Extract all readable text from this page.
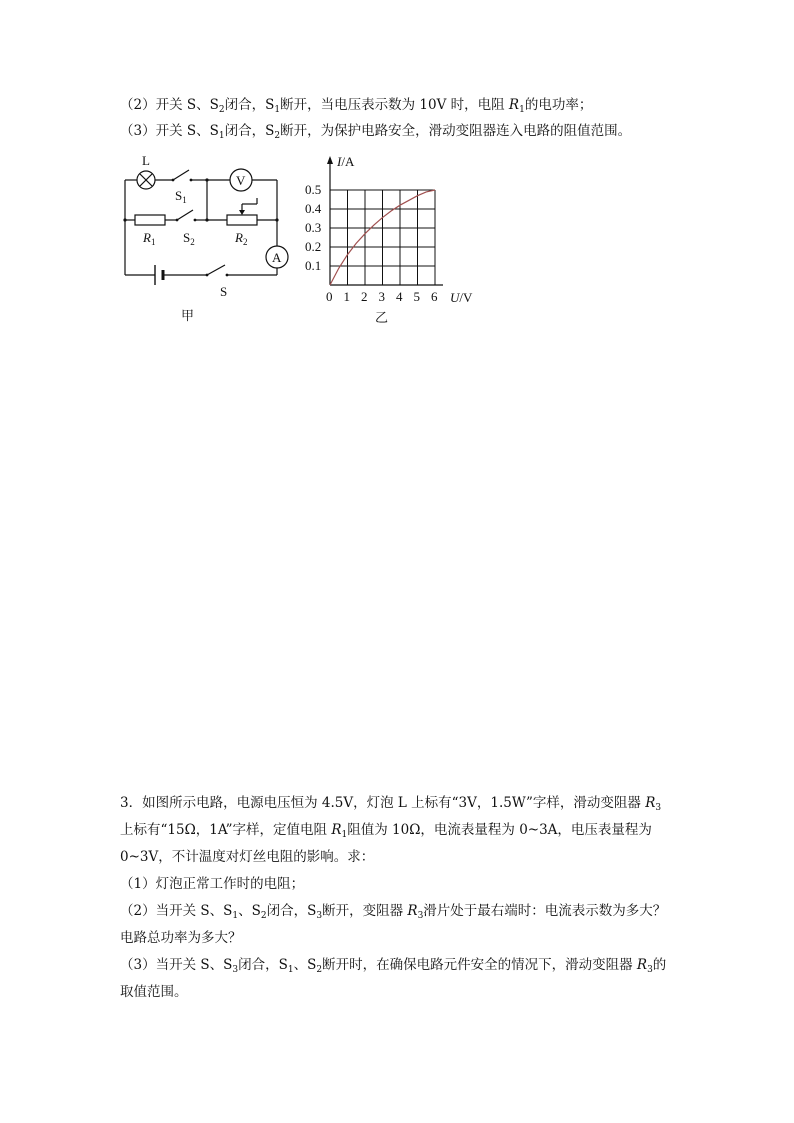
（2）开关 S、$S_2$闭合，$S_1$断开，当电压表示数为 10V 时，电阻 $R_1$的电功率；
（3）开关 S、$S_1$闭合，$S_2$断开，为保护电路安全，滑动变阻器连入电路的阻值范围。
L
$S_1$
$S_2$
$R_1$	$R_2$
V
A
S
甲
0 1 2 3 4 5 6
0.1
0.2
0.3
0.4
0.5
I/A
U/V
乙
3．如图所示电路，电源电压恒为 4.5V，灯泡 L 上标有“3V，1.5W”字样，滑动变阻器 $R_3$
上标有“15Ω，1A”字样，定值电阻 $R_1$阻值为 10Ω，电流表量程为 0~3A，电压表量程为
0~3V，不计温度对灯丝电阻的影响。求：
（1）灯泡正常工作时的电阻；
（2）当开关 S、$S_1$、$S_2$闭合，$S_3$断开，变阻器 $R_3$滑片处于最右端时：电流表示数为多大？
电路总功率为多大？
（3）当开关 S、$S_3$闭合，$S_1$、$S_2$断开时，在确保电路元件安全的情况下，滑动变阻器 $R_3$的
取值范围。
